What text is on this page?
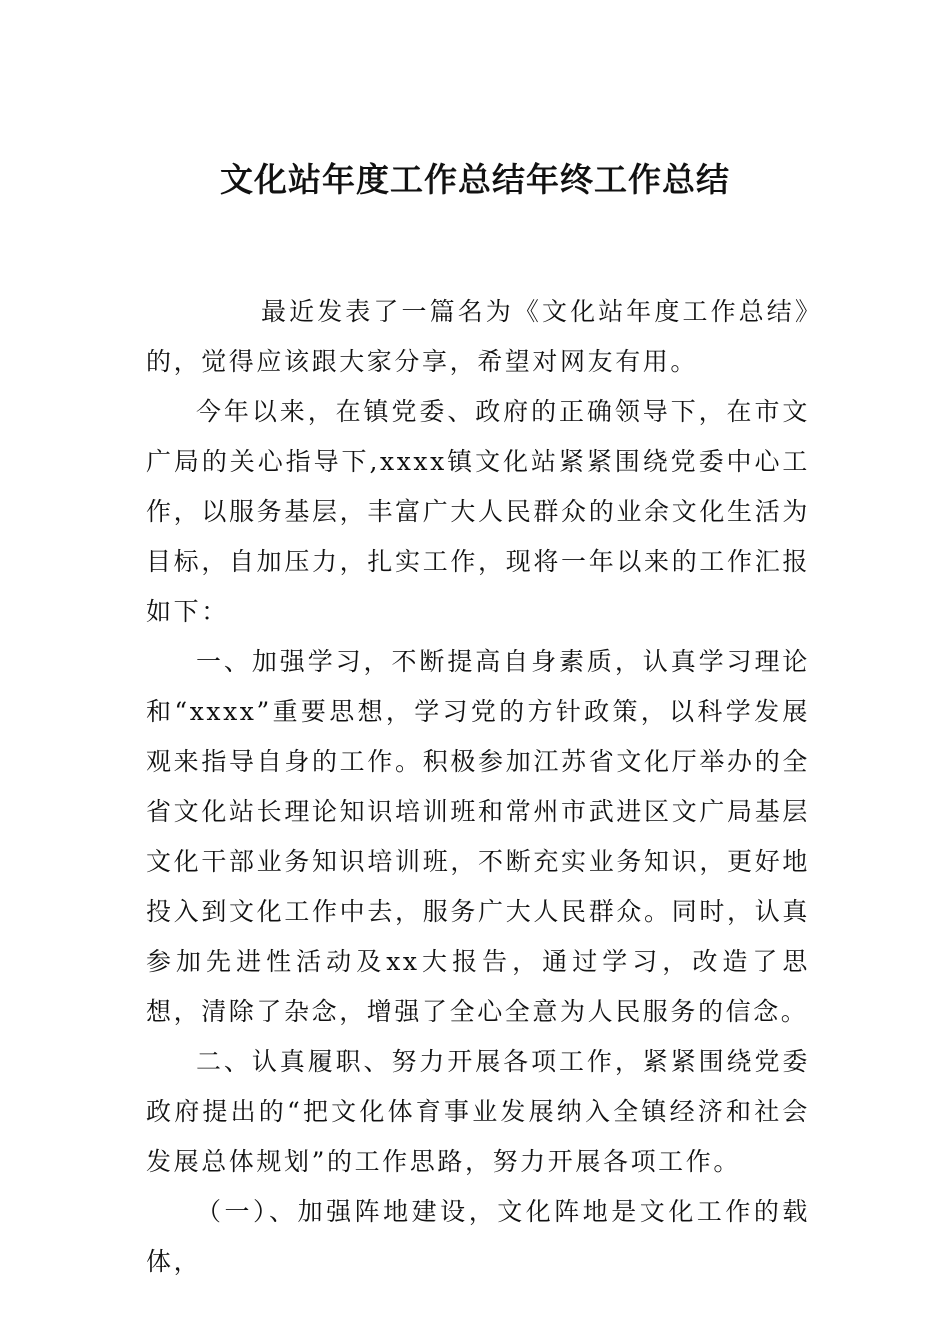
文化站年度工作总结年终工作总结

最近发表了一篇名为《文化站年度工作总结》的，觉得应该跟大家分享，希望对网友有用。

今年以来，在镇党委、政府的正确领导下，在市文广局的关心指导下,xxxx镇文化站紧紧围绕党委中心工作，以服务基层，丰富广大人民群众的业余文化生活为目标，自加压力，扎实工作，现将一年以来的工作汇报如下：

一、加强学习，不断提高自身素质，认真学习理论和“xxxx”重要思想，学习党的方针政策，以科学发展观来指导自身的工作。积极参加江苏省文化厅举办的全省文化站长理论知识培训班和常州市武进区文广局基层文化干部业务知识培训班，不断充实业务知识，更好地投入到文化工作中去，服务广大人民群众。同时，认真参加先进性活动及xx大报告，通过学习，改造了思想，清除了杂念，增强了全心全意为人民服务的信念。

二、认真履职、努力开展各项工作，紧紧围绕党委政府提出的“把文化体育事业发展纳入全镇经济和社会发展总体规划”的工作思路，努力开展各项工作。

（一）、加强阵地建设，文化阵地是文化工作的载体，
